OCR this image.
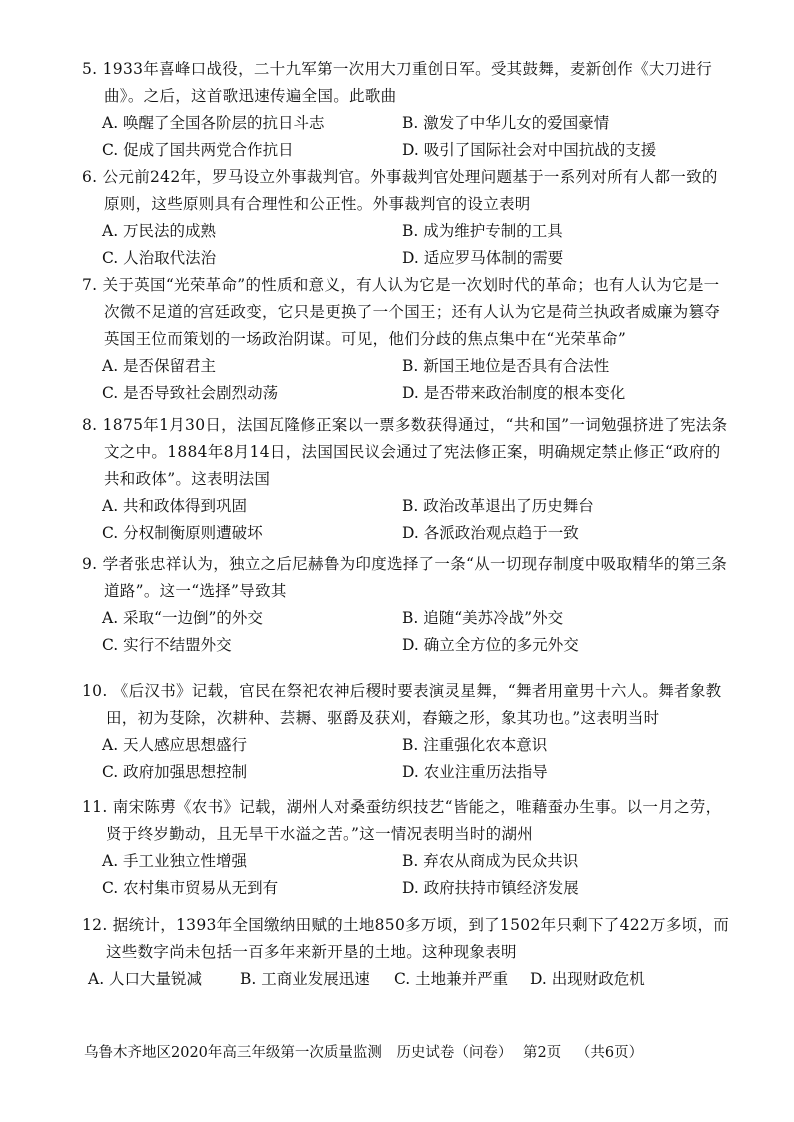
5. 1933年喜峰口战役，二十九军第一次用大刀重创日军。受其鼓舞，麦新创作《大刀进行曲》。之后，这首歌迅速传遍全国。此歌曲
A. 唤醒了全国各阶层的抗日斗志	B. 激发了中华儿女的爱国豪情
C. 促成了国共两党合作抗日	D. 吸引了国际社会对中国抗战的支援
6. 公元前242年，罗马设立外事裁判官。外事裁判官处理问题基于一系列对所有人都一致的原则，这些原则具有合理性和公正性。外事裁判官的设立表明
A. 万民法的成熟	B. 成为维护专制的工具
C. 人治取代法治	D. 适应罗马体制的需要
7. 关于英国“光荣革命”的性质和意义，有人认为它是一次划时代的革命；也有人认为它是一次微不足道的宫廷政变，它只是更换了一个国王；还有人认为它是荷兰执政者威廉为篡夺英国王位而策划的一场政治阴谋。可见，他们分歧的焦点集中在“光荣革命”
A. 是否保留君主	B. 新国王地位是否具有合法性
C. 是否导致社会剧烈动荡	D. 是否带来政治制度的根本变化
8. 1875年1月30日，法国瓦隆修正案以一票多数获得通过，“共和国”一词勉强挤进了宪法条文之中。1884年8月14日，法国国民议会通过了宪法修正案，明确规定禁止修正“政府的共和政体”。这表明法国
A. 共和政体得到巩固	B. 政治改革退出了历史舞台
C. 分权制衡原则遭破坏	D. 各派政治观点趋于一致
9. 学者张忠祥认为，独立之后尼赫鲁为印度选择了一条“从一切现存制度中吸取精华的第三条道路”。这一“选择”导致其
A. 采取“一边倒”的外交	B. 追随“美苏冷战”外交
C. 实行不结盟外交	D. 确立全方位的多元外交
10. 《后汉书》记载，官民在祭祀农神后稷时要表演灵星舞，“舞者用童男十六人。舞者象教田，初为芟除，次耕种、芸耨、驱爵及获刈，舂簸之形，象其功也。”这表明当时
A. 天人感应思想盛行	B. 注重强化农本意识
C. 政府加强思想控制	D. 农业注重历法指导
11. 南宋陈旉《农书》记载，湖州人对桑蚕纺织技艺“皆能之，唯藉蚕办生事。以一月之劳，贤于终岁勤动，且无旱干水溢之苦。”这一情况表明当时的湖州
A. 手工业独立性增强	B. 弃农从商成为民众共识
C. 农村集市贸易从无到有	D. 政府扶持市镇经济发展
12. 据统计，1393年全国缴纳田赋的土地850多万顷，到了1502年只剩下了422万多顷，而这些数字尚未包括一百多年来新开垦的土地。这种现象表明
A. 人口大量锐减 B. 工商业发展迅速 C. 土地兼并严重 D. 出现财政危机
乌鲁木齐地区2020年高三年级第一次质量监测　历史试卷（问卷） 第2页 （共6页）
